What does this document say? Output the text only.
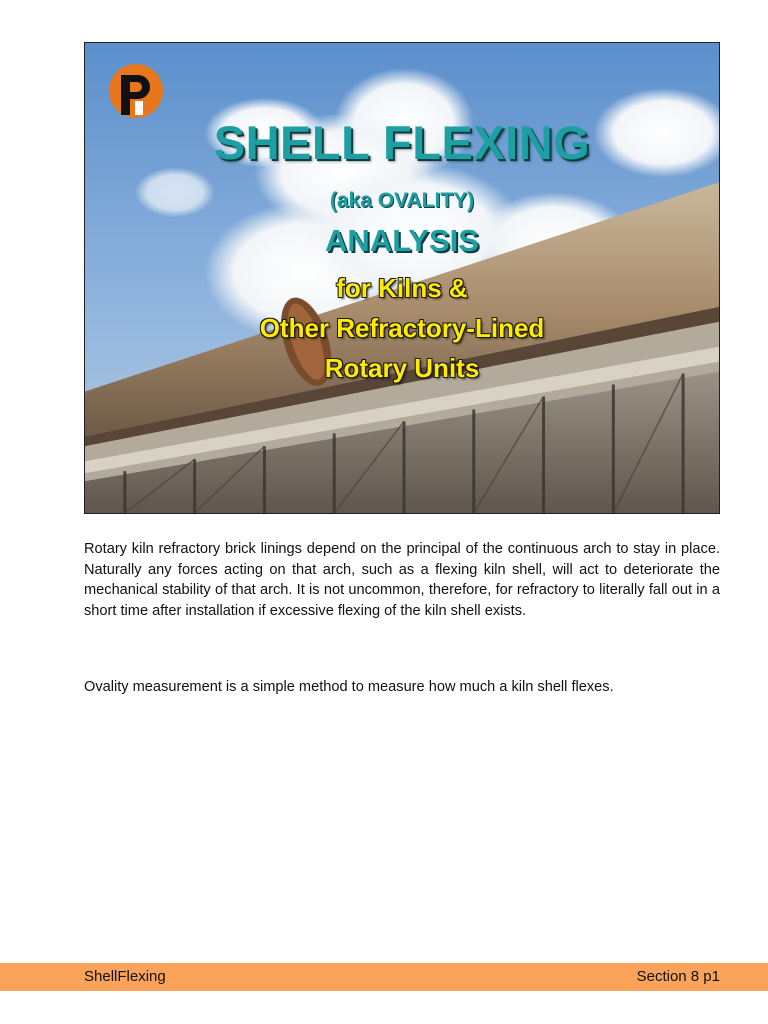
SHELL FLEXING
(aka OVALITY)
ANALYSIS
for Kilns &
Other Refractory-Lined
Rotary Units

Rotary kiln refractory brick linings depend on the principal of the continuous arch to stay in place. Naturally any forces acting on that arch, such as a flexing kiln shell, will act to deteriorate the mechanical stability of that arch. It is not uncommon, therefore, for refractory to literally fall out in a short time after installation if excessive flexing of the kiln shell exists.

Ovality measurement is a simple method to measure how much a kiln shell flexes.

ShellFlexing	Section 8 p1
